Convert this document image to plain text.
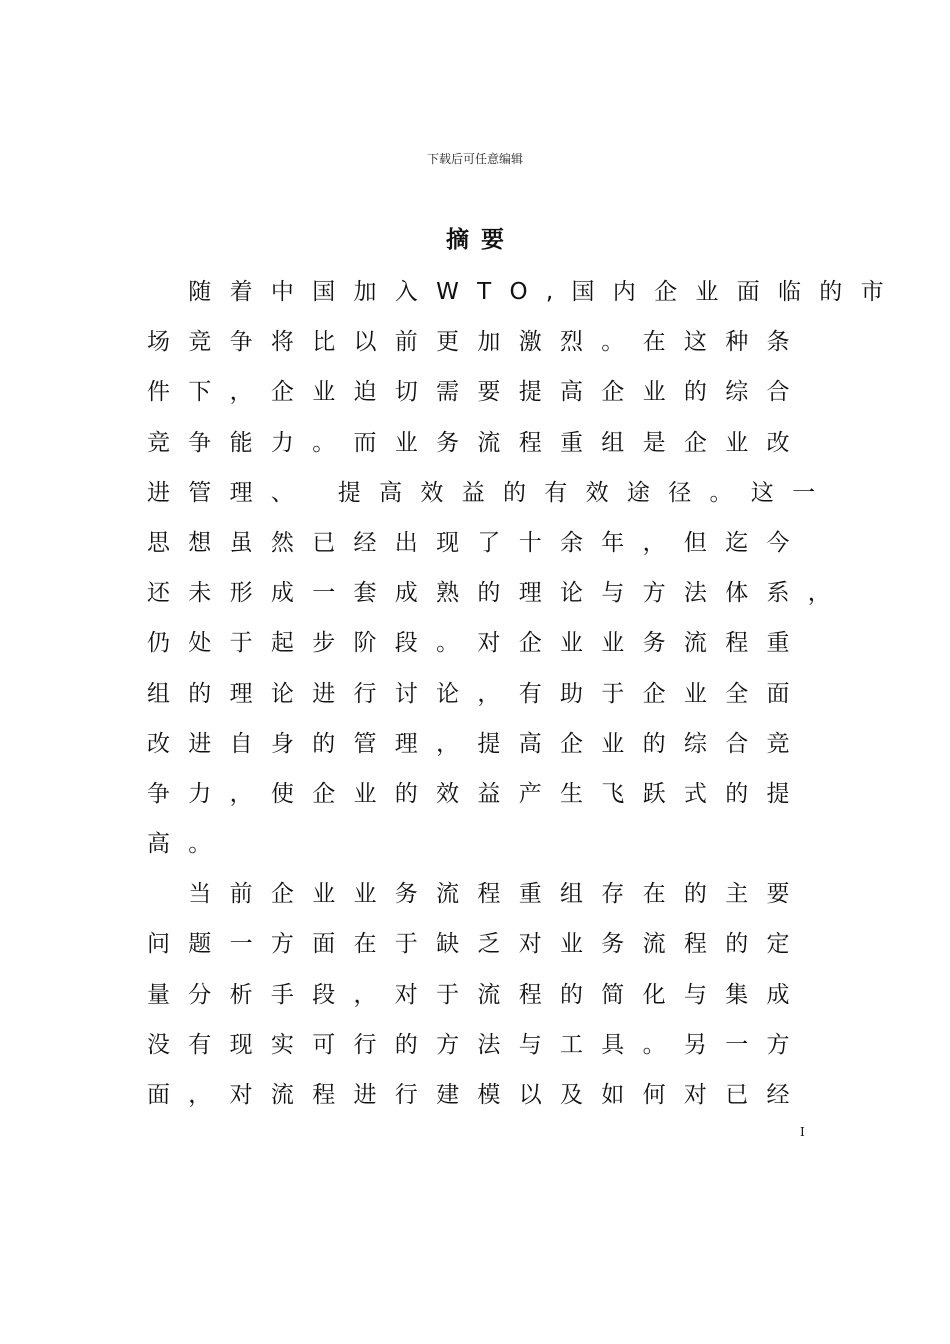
下载后可任意编辑
摘要
　随着中国加入WTO,国内企业面临的市
场竞争将比以前更加激烈。在这种条
件下，企业迫切需要提高企业的综合
竞争能力。而业务流程重组是企业改
进管理、 提高效益的有效途径。这一
思想虽然已经出现了十余年，但迄今
还未形成一套成熟的理论与方法体系，
仍处于起步阶段。对企业业务流程重
组的理论进行讨论，有助于企业全面
改进自身的管理，提高企业的综合竞
争力，使企业的效益产生飞跃式的提
高。
　当前企业业务流程重组存在的主要
问题一方面在于缺乏对业务流程的定
量分析手段，对于流程的简化与集成
没有现实可行的方法与工具。另一方
面，对流程进行建模以及如何对已经
I
